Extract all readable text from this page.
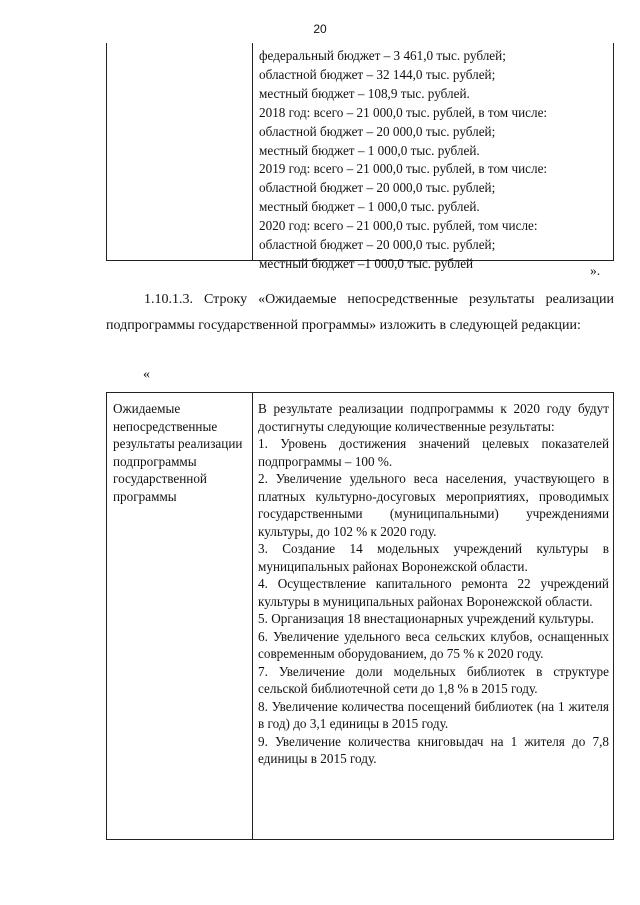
20
федеральный бюджет – 3 461,0 тыс. рублей;
областной бюджет – 32 144,0 тыс. рублей;
местный бюджет – 108,9 тыс. рублей.
2018 год: всего – 21 000,0 тыс. рублей, в том числе:
областной бюджет – 20 000,0 тыс. рублей;
местный бюджет – 1 000,0 тыс. рублей.
2019 год: всего – 21 000,0 тыс. рублей, в том числе:
областной бюджет – 20 000,0 тыс. рублей;
местный бюджет – 1 000,0 тыс. рублей.
2020 год: всего – 21 000,0 тыс. рублей, том числе:
областной бюджет – 20 000,0 тыс. рублей;
местный бюджет –1 000,0 тыс. рублей	».
1.10.1.3. Строку «Ожидаемые непосредственные результаты реализации подпрограммы государственной программы» изложить в следующей редакции:
«
Ожидаемые непосредственные результаты реализации подпрограммы государственной программы

В результате реализации подпрограммы к 2020 году будут достигнуты следующие количественные результаты:

1. Уровень достижения значений целевых показателей подпрограммы – 100 %.

2. Увеличение удельного веса населения, участвующего в платных культурно-досуговых мероприятиях, проводимых государственными (муниципальными) учреждениями культуры, до 102 % к 2020 году.

3. Создание 14 модельных учреждений культуры в муниципальных районах Воронежской области.

4. Осуществление капитального ремонта 22 учреждений культуры в муниципальных районах Воронежской области.

5. Организация 18 внестационарных учреждений культуры.

6. Увеличение удельного веса сельских клубов, оснащенных современным оборудованием, до 75 % к 2020 году.

7. Увеличение доли модельных библиотек в структуре сельской библиотечной сети до 1,8 % в 2015 году.

8. Увеличение количества посещений библиотек (на 1 жителя в год) до 3,1 единицы в 2015 году.

9. Увеличение количества книговыдач на 1 жителя до 7,8 единицы в 2015 году.
